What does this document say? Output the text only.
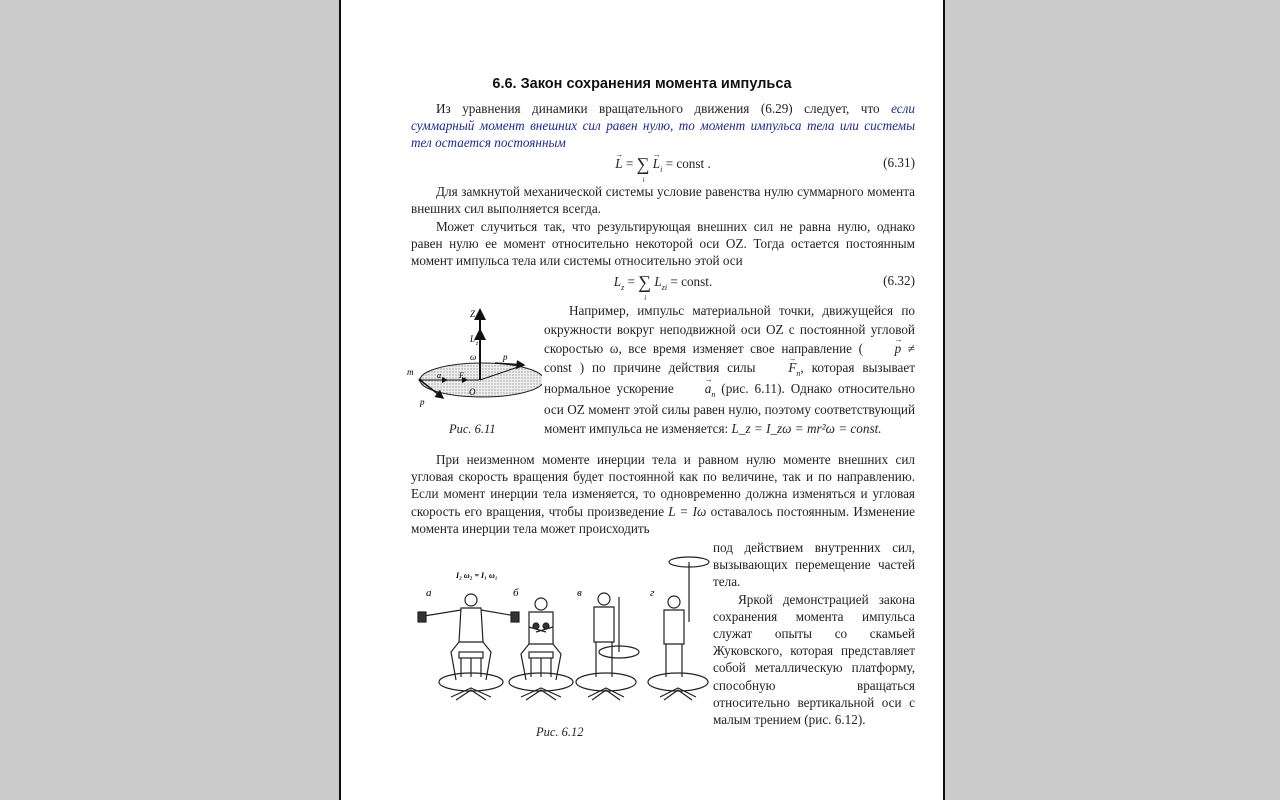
6.6. Закон сохранения момента импульса

Из уравнения динамики вращательного движения (6.29) следует, что если суммарный момент внешних сил равен нулю, то момент импульса тела или системы тел остается постоянным

→ L = ∑
i
→ $L_i$ = const .	(6.31)

Для замкнутой механической системы условие равенства нулю суммарного момента внешних сил выполняется всегда.

Может случиться так, что результирующая внешних сил не равна нулю, однако равен нулю ее момент относительно некоторой оси OZ. Тогда остается постоянным момент импульса тела или системы относительно этой оси

$L_z$ = ∑
i
$L_{zi}$ = const.	(6.32)
Z
L z
ω	p
m	a n F n
O
p
Рис. 6.11

Например, импульс материальной точки, движущейся по окружности вокруг неподвижной оси OZ с постоянной угловой скоростью ω, все время изменяет свое направление ( → p ≠ const ) по причине действия силы → $F_n$, которая вызывает нормальное ускорение → $a_n$ (рис. 6.11). Однако относительно оси OZ момент этой силы равен нулю, поэтому соответствующий момент импульса не изменяется: L_z = I_zω = mr²ω = const.

При неизменном моменте инерции тела и равном нулю моменте внешних сил угловая скорость вращения будет постоянной как по величине, так и по направлению. Если момент инерции тела изменяется, то одновременно должна изменяться и угловая скорость его вращения, чтобы произведение L = Iω оставалось постоянным. Изменение момента инерции тела может происходить

под действием внутренних сил, вызывающих перемещение частей тела.

Яркой демонстрацией закона сохранения момента импульса служат опыты со скамьей Жуковского, которая представляет собой металлическую платформу, способную вращаться относительно вертикальной оси с малым трением (рис. 6.12).

I₂ ω₂ = I₁ ω₁
а	б	в	г
Рис. 6.12
